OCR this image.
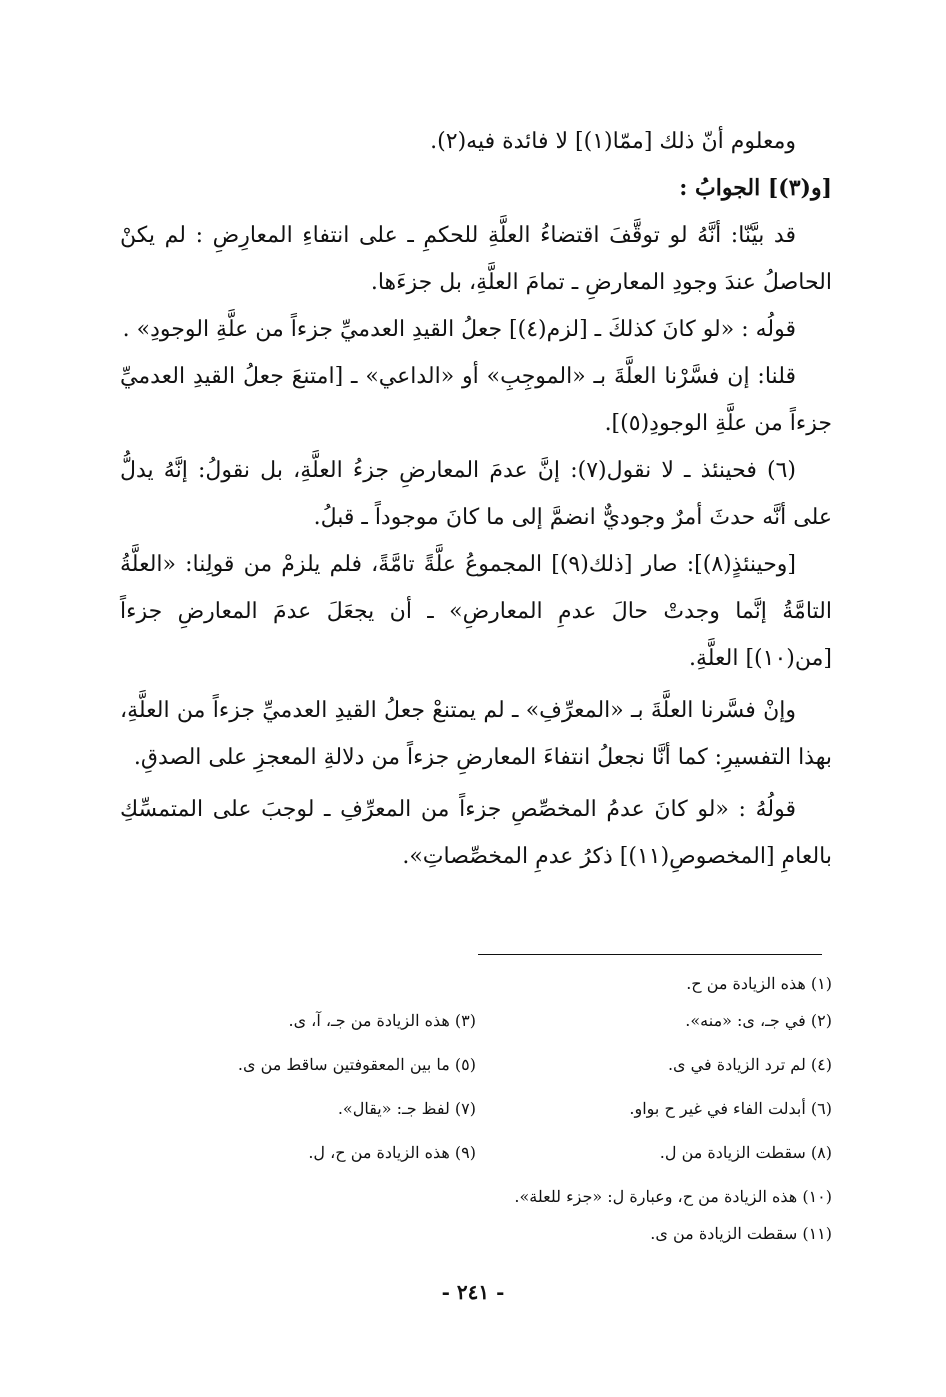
ومعلوم أنّ ذلك [ممّا(١)] لا فائدة فيه(٢).

[و(٣)] الجوابُ :

قد بيَّنّا: أنَّهُ لو توقَّفَ اقتضاءُ العلَّةِ للحكمِ ـ على انتفاءِ المعارِضِ : لم يكنْ الحاصلُ عندَ وجودِ المعارضِ ـ تمامَ العلَّةِ، بل جزءَها.

قولُه : «لو كانَ كذلكَ ـ [لزم(٤)] جعلُ القيدِ العدميِّ جزءاً من علَّةِ الوجودِ» .

قلنا: إن فسَّرْنا العلَّةَ بـ «الموجِبِ» أو «الداعي» ـ [امتنعَ جعلُ القيدِ العدميِّ جزءاً من علَّةِ الوجودِ(٥)].

(٦) فحينئذ ـ لا نقول(٧): إنَّ عدمَ المعارضِ جزءُ العلَّةِ، بل نقولُ: إنَّهُ يدلُّ على أنَّه حدثَ أمرٌ وجوديٌّ انضمَّ إلى ما كانَ موجوداً ـ قبلُ.

[وحينئذٍ(٨)]: صار [ذلك(٩)] المجموعُ علَّةً تامَّةً، فلم يلزمْ من قولِنا: «العلَّةُ التامَّةُ إنَّما وجدتْ حالَ عدمِ المعارضِ» ـ أن يجعَلَ عدمَ المعارضِ جزءاً [من(١٠)] العلَّةِ.

وإنْ فسَّرنا العلَّةَ بـ «المعرِّفِ» ـ لم يمتنعْ جعلُ القيدِ العدميِّ جزءاً من العلَّةِ، بهذا التفسيرِ: كما أنَّا نجعلُ انتفاءَ المعارضِ جزءاً من دلالةِ المعجزِ على الصدقِ.

قولُهُ : «لو كانَ عدمُ المخصِّصِ جزءاً من المعرِّفِ ـ لوجبَ على المتمسِّكِ بالعامِ [المخصوصِ(١١)] ذكرُ عدمِ المخصِّصاتِ».

(١) هذه الزيادة من ح.
(٢) في جـ، ى: «منه».
(٣) هذه الزيادة من جـ، آ، ى.
(٤) لم ترد الزيادة في ى.
(٥) ما بين المعقوفتين ساقط من ى.
(٦) أبدلت الفاء في غير ح بواو.
(٧) لفظ جـ: «يقال».
(٨) سقطت الزيادة من ل.
(٩) هذه الزيادة من ح، ل.
(١٠) هذه الزيادة من ح، وعبارة ل: «جزء للعلة».
(١١) سقطت الزيادة من ى.
- ٢٤١ -
